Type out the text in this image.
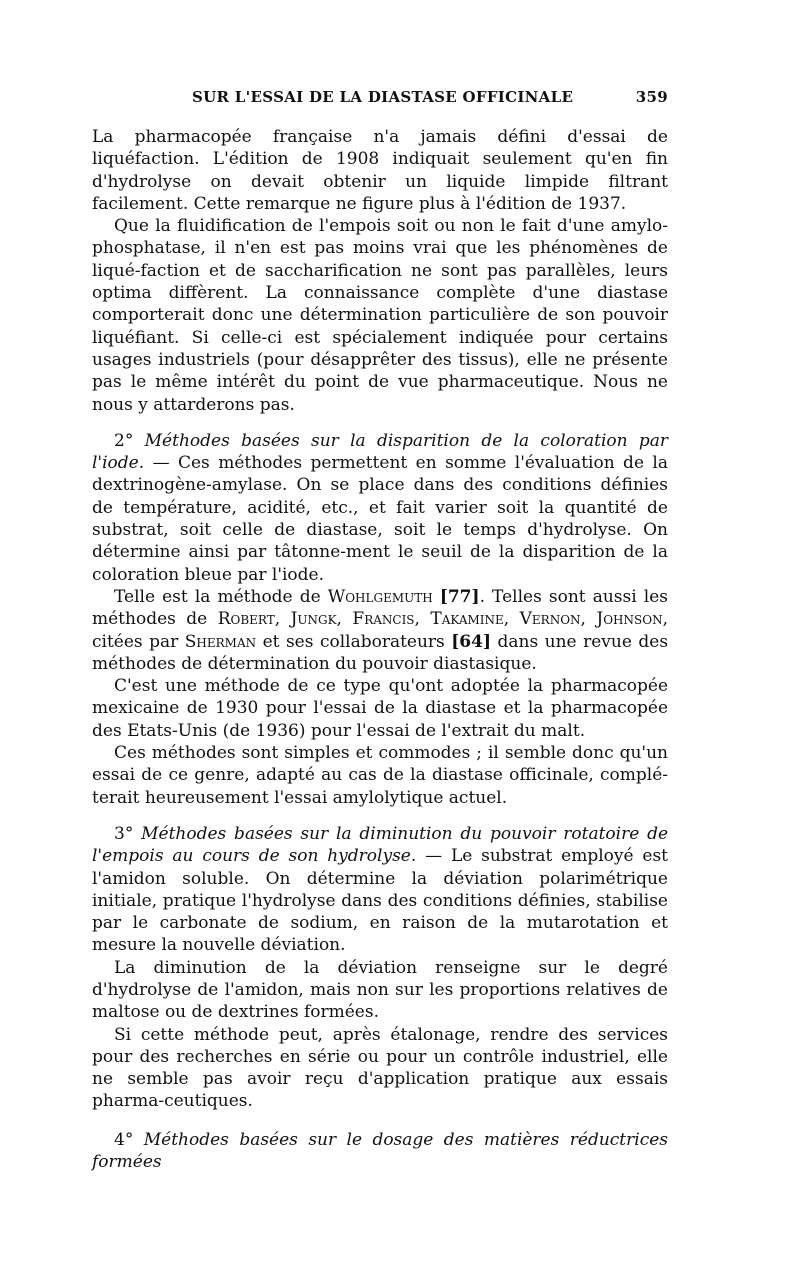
SUR L'ESSAI DE LA DIASTASE OFFICINALE	359

La pharmacopée française n'a jamais défini d'essai de liquéfaction. L'édition de 1908 indiquait seulement qu'en fin d'hydrolyse on devait obtenir un liquide limpide filtrant facilement. Cette remarque ne figure plus à l'édition de 1937.

Que la fluidification de l'empois soit ou non le fait d'une amylo-phosphatase, il n'en est pas moins vrai que les phénomènes de liqué-faction et de saccharification ne sont pas parallèles, leurs optima diffèrent. La connaissance complète d'une diastase comporterait donc une détermination particulière de son pouvoir liquéfiant. Si celle-ci est spécialement indiquée pour certains usages industriels (pour désapprêter des tissus), elle ne présente pas le même intérêt du point de vue pharmaceutique. Nous ne nous y attarderons pas.

2° Méthodes basées sur la disparition de la coloration par l'iode. — Ces méthodes permettent en somme l'évaluation de la dextrinogène-amylase. On se place dans des conditions définies de température, acidité, etc., et fait varier soit la quantité de substrat, soit celle de diastase, soit le temps d'hydrolyse. On détermine ainsi par tâtonne-ment le seuil de la disparition de la coloration bleue par l'iode.

Telle est la méthode de Wohlgemuth [77]. Telles sont aussi les méthodes de Robert, Jungk, Francis, Takamine, Vernon, Johnson, citées par Sherman et ses collaborateurs [64] dans une revue des méthodes de détermination du pouvoir diastasique.

C'est une méthode de ce type qu'ont adoptée la pharmacopée mexicaine de 1930 pour l'essai de la diastase et la pharmacopée des Etats-Unis (de 1936) pour l'essai de l'extrait du malt.

Ces méthodes sont simples et commodes ; il semble donc qu'un essai de ce genre, adapté au cas de la diastase officinale, complé-terait heureusement l'essai amylolytique actuel.

3° Méthodes basées sur la diminution du pouvoir rotatoire de l'empois au cours de son hydrolyse. — Le substrat employé est l'amidon soluble. On détermine la déviation polarimétrique initiale, pratique l'hydrolyse dans des conditions définies, stabilise par le carbonate de sodium, en raison de la mutarotation et mesure la nouvelle déviation.

La diminution de la déviation renseigne sur le degré d'hydrolyse de l'amidon, mais non sur les proportions relatives de maltose ou de dextrines formées.

Si cette méthode peut, après étalonage, rendre des services pour des recherches en série ou pour un contrôle industriel, elle ne semble pas avoir reçu d'application pratique aux essais pharma-ceutiques.

4° Méthodes basées sur le dosage des matières réductrices formées
